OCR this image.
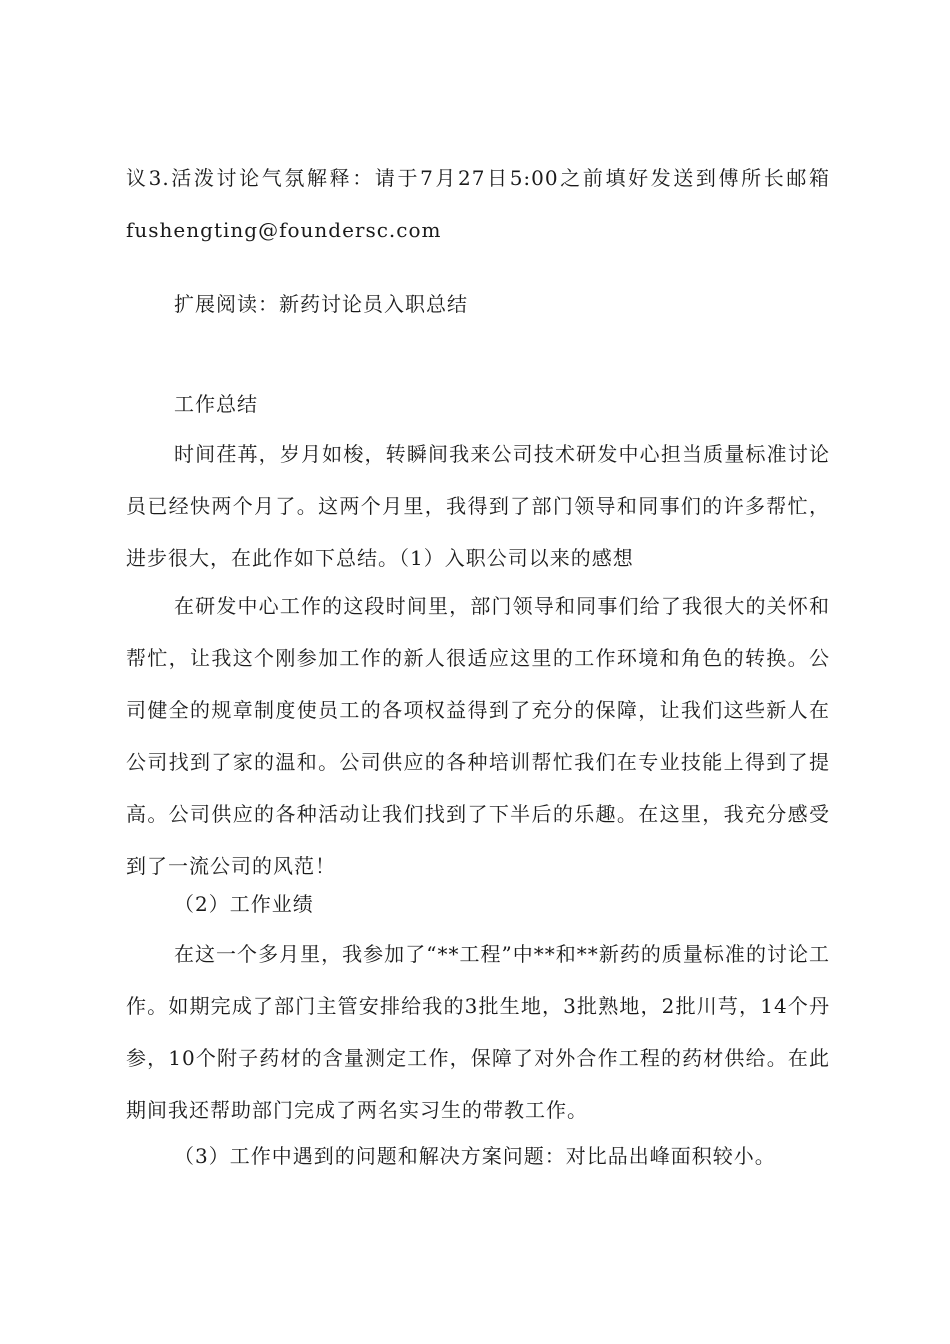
议3.活泼讨论气氛解释：请于7月27日5:00之前填好发送到傅所长邮箱fushengting@foundersc.com

扩展阅读：新药讨论员入职总结

工作总结

时间荏苒，岁月如梭，转瞬间我来公司技术研发中心担当质量标准讨论员已经快两个月了。这两个月里，我得到了部门领导和同事们的许多帮忙，进步很大，在此作如下总结。（1）入职公司以来的感想

在研发中心工作的这段时间里，部门领导和同事们给了我很大的关怀和帮忙，让我这个刚参加工作的新人很适应这里的工作环境和角色的转换。公司健全的规章制度使员工的各项权益得到了充分的保障，让我们这些新人在公司找到了家的温和。公司供应的各种培训帮忙我们在专业技能上得到了提高。公司供应的各种活动让我们找到了下半后的乐趣。在这里，我充分感受到了一流公司的风范！

（2）工作业绩

在这一个多月里，我参加了“**工程”中**和**新药的质量标准的讨论工作。如期完成了部门主管安排给我的3批生地，3批熟地，2批川芎，14个丹参，10个附子药材的含量测定工作，保障了对外合作工程的药材供给。在此期间我还帮助部门完成了两名实习生的带教工作。

（3）工作中遇到的问题和解决方案问题：对比品出峰面积较小。
